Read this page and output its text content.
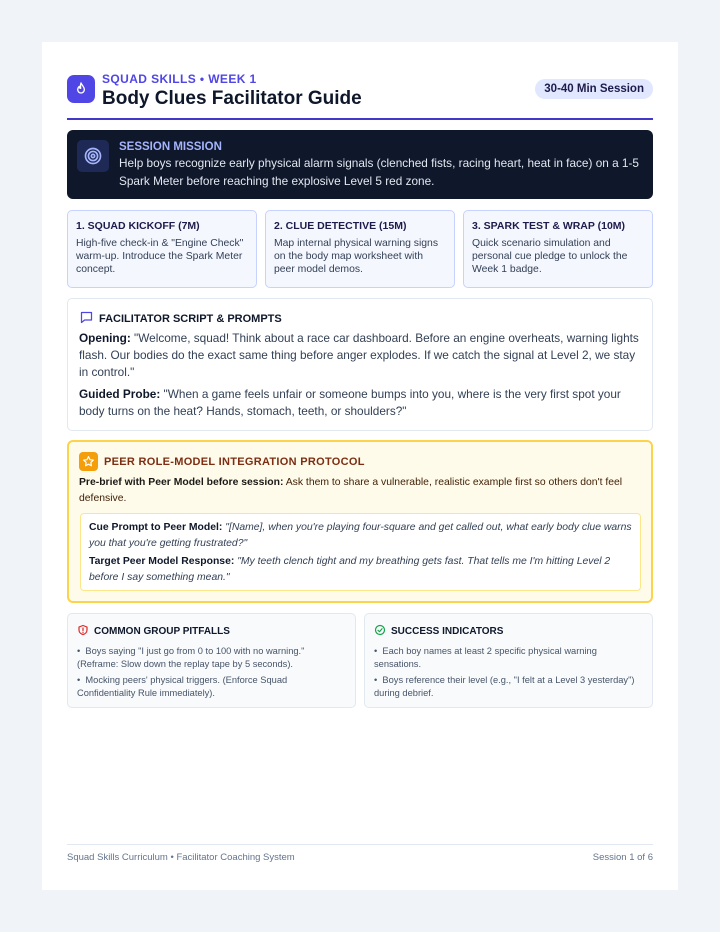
SQUAD SKILLS • WEEK 1
Body Clues Facilitator Guide	30-40 Min Session
SESSION MISSION
Help boys recognize early physical alarm signals (clenched fists, racing heart, heat in face) on a 1-5 Spark Meter before reaching the explosive Level 5 red zone.
1. SQUAD KICKOFF (7M)
High-five check-in & "Engine Check" warm-up. Introduce the Spark Meter concept.
2. CLUE DETECTIVE (15M)
Map internal physical warning signs on the body map worksheet with peer model demos.
3. SPARK TEST & WRAP (10M)
Quick scenario simulation and personal cue pledge to unlock the Week 1 badge.
FACILITATOR SCRIPT & PROMPTS

Opening: "Welcome, squad! Think about a race car dashboard. Before an engine overheats, warning lights flash. Our bodies do the exact same thing before anger explodes. If we catch the signal at Level 2, we stay in control."

Guided Probe: "When a game feels unfair or someone bumps into you, where is the very first spot your body turns on the heat? Hands, stomach, teeth, or shoulders?"

PEER ROLE-MODEL INTEGRATION PROTOCOL

Pre-brief with Peer Model before session: Ask them to share a vulnerable, realistic example first so others don't feel defensive.

Cue Prompt to Peer Model: "[Name], when you're playing four-square and get called out, what early body clue warns you that you're getting frustrated?"

Target Peer Model Response: "My teeth clench tight and my breathing gets fast. That tells me I'm hitting Level 2 before I say something mean."

COMMON GROUP PITFALLS
•  Boys saying "I just go from 0 to 100 with no warning." (Reframe: Slow down the replay tape by 5 seconds).
•  Mocking peers' physical triggers. (Enforce Squad Confidentiality Rule immediately).
SUCCESS INDICATORS
•  Each boy names at least 2 specific physical warning sensations.
•  Boys reference their level (e.g., "I felt at a Level 3 yesterday") during debrief.
Squad Skills Curriculum • Facilitator Coaching System	Session 1 of 6
